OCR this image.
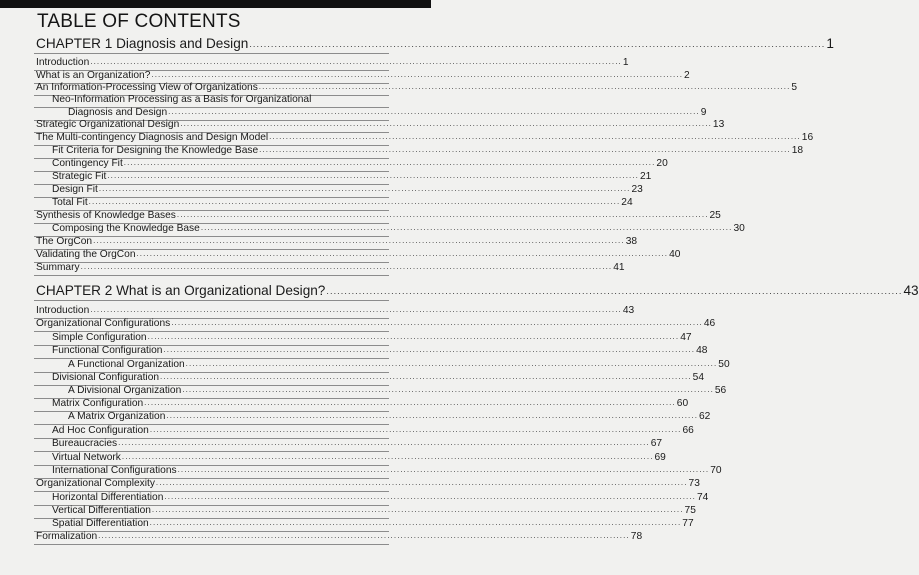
TABLE OF CONTENTS
CHAPTER 1 Diagnosis and Design ................................................................................................................................................................ 1
Introduction ................................................................................................................................................................ 1
What is an Organization? ................................................................................................................................................................ 2
An Information-Processing View of Organizations ................................................................................................................................................................ 5
Neo-Information Processing as a Basis for Organizational
Diagnosis and Design ................................................................................................................................................................ 9
Strategic Organizational Design ................................................................................................................................................................ 13
The Multi-contingency Diagnosis and Design Model ................................................................................................................................................................ 16
Fit Criteria for Designing the Knowledge Base ................................................................................................................................................................ 18
Contingency Fit ................................................................................................................................................................ 20
Strategic Fit ................................................................................................................................................................ 21
Design Fit ................................................................................................................................................................ 23
Total Fit ................................................................................................................................................................ 24
Synthesis of Knowledge Bases ................................................................................................................................................................ 25
Composing the Knowledge Base ................................................................................................................................................................ 30
The OrgCon ................................................................................................................................................................ 38
Validating the OrgCon ................................................................................................................................................................ 40
Summary ................................................................................................................................................................ 41
CHAPTER 2 What is an Organizational Design? ................................................................................................................................................................ 43
Introduction ................................................................................................................................................................ 43
Organizational Configurations ................................................................................................................................................................ 46
Simple Configuration ................................................................................................................................................................ 47
Functional Configuration ................................................................................................................................................................ 48
A Functional Organization ................................................................................................................................................................ 50
Divisional Configuration ................................................................................................................................................................ 54
A Divisional Organization ................................................................................................................................................................ 56
Matrix Configuration ................................................................................................................................................................ 60
A Matrix Organization ................................................................................................................................................................ 62
Ad Hoc Configuration ................................................................................................................................................................ 66
Bureaucracies ................................................................................................................................................................ 67
Virtual Network ................................................................................................................................................................ 69
International Configurations ................................................................................................................................................................ 70
Organizational Complexity ................................................................................................................................................................ 73
Horizontal Differentiation ................................................................................................................................................................ 74
Vertical Differentiation ................................................................................................................................................................ 75
Spatial Differentiation ................................................................................................................................................................ 77
Formalization ................................................................................................................................................................ 78
